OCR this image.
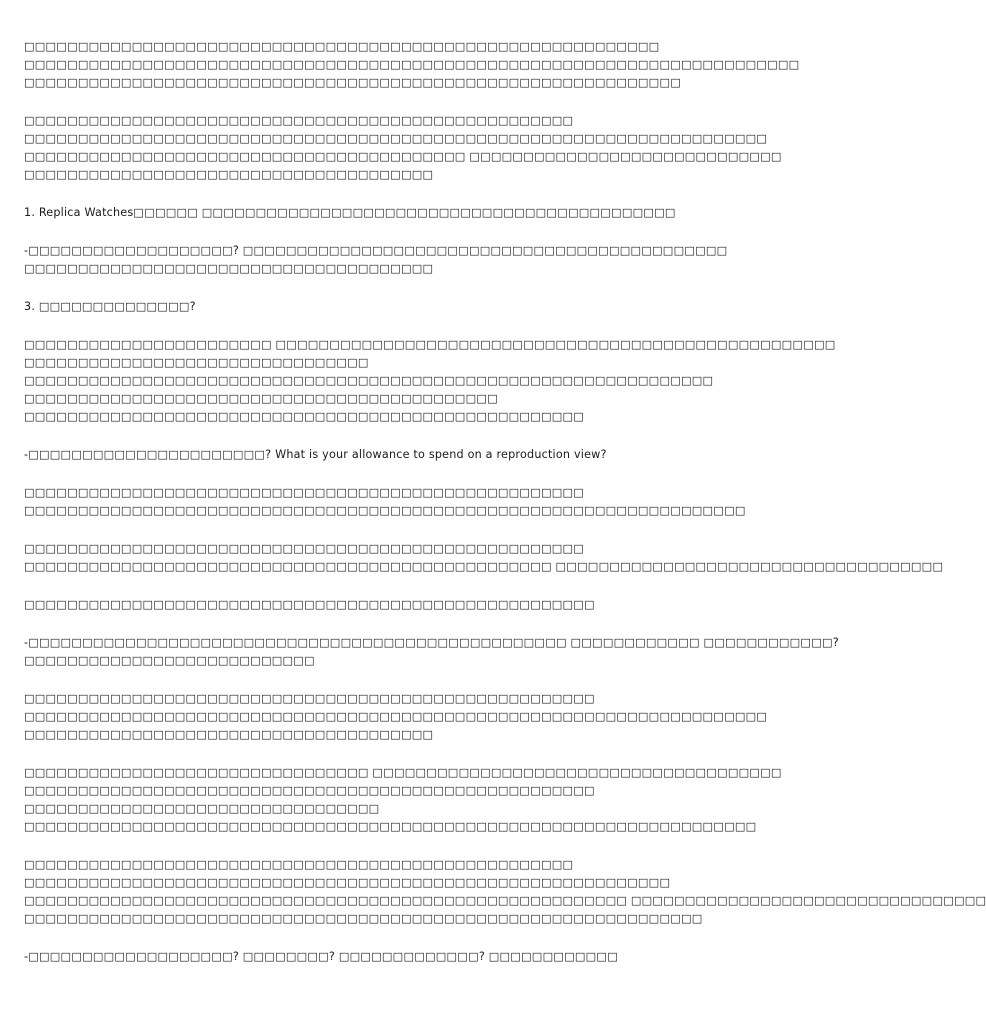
□□□□□□□□□□□□□□□□□□□□□□□□□□□□□□□□□□□□□□□□□□□□□□□□□□□□□□□□□□□
□□□□□□□□□□□□□□□□□□□□□□□□□□□□□□□□□□□□□□□□□□□□□□□□□□□□□□□□□□□□□□□□□□□□□□□□
□□□□□□□□□□□□□□□□□□□□□□□□□□□□□□□□□□□□□□□□□□□□□□□□□□□□□□□□□□□□□
□□□□□□□□□□□□□□□□□□□□□□□□□□□□□□□□□□□□□□□□□□□□□□□□□□□
□□□□□□□□□□□□□□□□□□□□□□□□□□□□□□□□□□□□□□□□□□□□□□□□□□□□□□□□□□□□□□□□□□□□□
□□□□□□□□□□□□□□□□□□□□□□□□□□□□□□□□□□□□□□□□□ □□□□□□□□□□□□□□□□□□□□□□□□□□□□□
□□□□□□□□□□□□□□□□□□□□□□□□□□□□□□□□□□□□□□
1. Replica Watches□□□□□□ □□□□□□□□□□□□□□□□□□□□□□□□□□□□□□□□□□□□□□□□□□□□
-□□□□□□□□□□□□□□□□□□□? □□□□□□□□□□□□□□□□□□□□□□□□□□□□□□□□□□□□□□□□□□□□□
□□□□□□□□□□□□□□□□□□□□□□□□□□□□□□□□□□□□□□
3. □□□□□□□□□□□□□□?
□□□□□□□□□□□□□□□□□□□□□□□ □□□□□□□□□□□□□□□□□□□□□□□□□□□□□□□□□□□□□□□□□□□□□□□□□□□□
□□□□□□□□□□□□□□□□□□□□□□□□□□□□□□□□
□□□□□□□□□□□□□□□□□□□□□□□□□□□□□□□□□□□□□□□□□□□□□□□□□□□□□□□□□□□□□□□□
□□□□□□□□□□□□□□□□□□□□□□□□□□□□□□□□□□□□□□□□□□□□
□□□□□□□□□□□□□□□□□□□□□□□□□□□□□□□□□□□□□□□□□□□□□□□□□□□□
-□□□□□□□□□□□□□□□□□□□□□□? What is your allowance to spend on a reproduction view?
□□□□□□□□□□□□□□□□□□□□□□□□□□□□□□□□□□□□□□□□□□□□□□□□□□□□
□□□□□□□□□□□□□□□□□□□□□□□□□□□□□□□□□□□□□□□□□□□□□□□□□□□□□□□□□□□□□□□□□□□
□□□□□□□□□□□□□□□□□□□□□□□□□□□□□□□□□□□□□□□□□□□□□□□□□□□□
□□□□□□□□□□□□□□□□□□□□□□□□□□□□□□□□□□□□□□□□□□□□□□□□□ □□□□□□□□□□□□□□□□□□□□□□□□□□□□□□□□□□□□
□□□□□□□□□□□□□□□□□□□□□□□□□□□□□□□□□□□□□□□□□□□□□□□□□□□□□
-□□□□□□□□□□□□□□□□□□□□□□□□□□□□□□□□□□□□□□□□□□□□□□□□□□ □□□□□□□□□□□□ □□□□□□□□□□□□?
□□□□□□□□□□□□□□□□□□□□□□□□□□□
□□□□□□□□□□□□□□□□□□□□□□□□□□□□□□□□□□□□□□□□□□□□□□□□□□□□□
□□□□□□□□□□□□□□□□□□□□□□□□□□□□□□□□□□□□□□□□□□□□□□□□□□□□□□□□□□□□□□□□□□□□□
□□□□□□□□□□□□□□□□□□□□□□□□□□□□□□□□□□□□□□
□□□□□□□□□□□□□□□□□□□□□□□□□□□□□□□□ □□□□□□□□□□□□□□□□□□□□□□□□□□□□□□□□□□□□□□
□□□□□□□□□□□□□□□□□□□□□□□□□□□□□□□□□□□□□□□□□□□□□□□□□□□□□
□□□□□□□□□□□□□□□□□□□□□□□□□□□□□□□□□
□□□□□□□□□□□□□□□□□□□□□□□□□□□□□□□□□□□□□□□□□□□□□□□□□□□□□□□□□□□□□□□□□□□□
□□□□□□□□□□□□□□□□□□□□□□□□□□□□□□□□□□□□□□□□□□□□□□□□□□□
□□□□□□□□□□□□□□□□□□□□□□□□□□□□□□□□□□□□□□□□□□□□□□□□□□□□□□□□□□□□
□□□□□□□□□□□□□□□□□□□□□□□□□□□□□□□□□□□□□□□□□□□□□□□□□□□□□□□□ □□□□□□□□□□□□□□□□□□□□□□□□□□□□□□□□□
□□□□□□□□□□□□□□□□□□□□□□□□□□□□□□□□□□□□□□□□□□□□□□□□□□□□□□□□□□□□□□□
-□□□□□□□□□□□□□□□□□□□? □□□□□□□□? □□□□□□□□□□□□□? □□□□□□□□□□□□
